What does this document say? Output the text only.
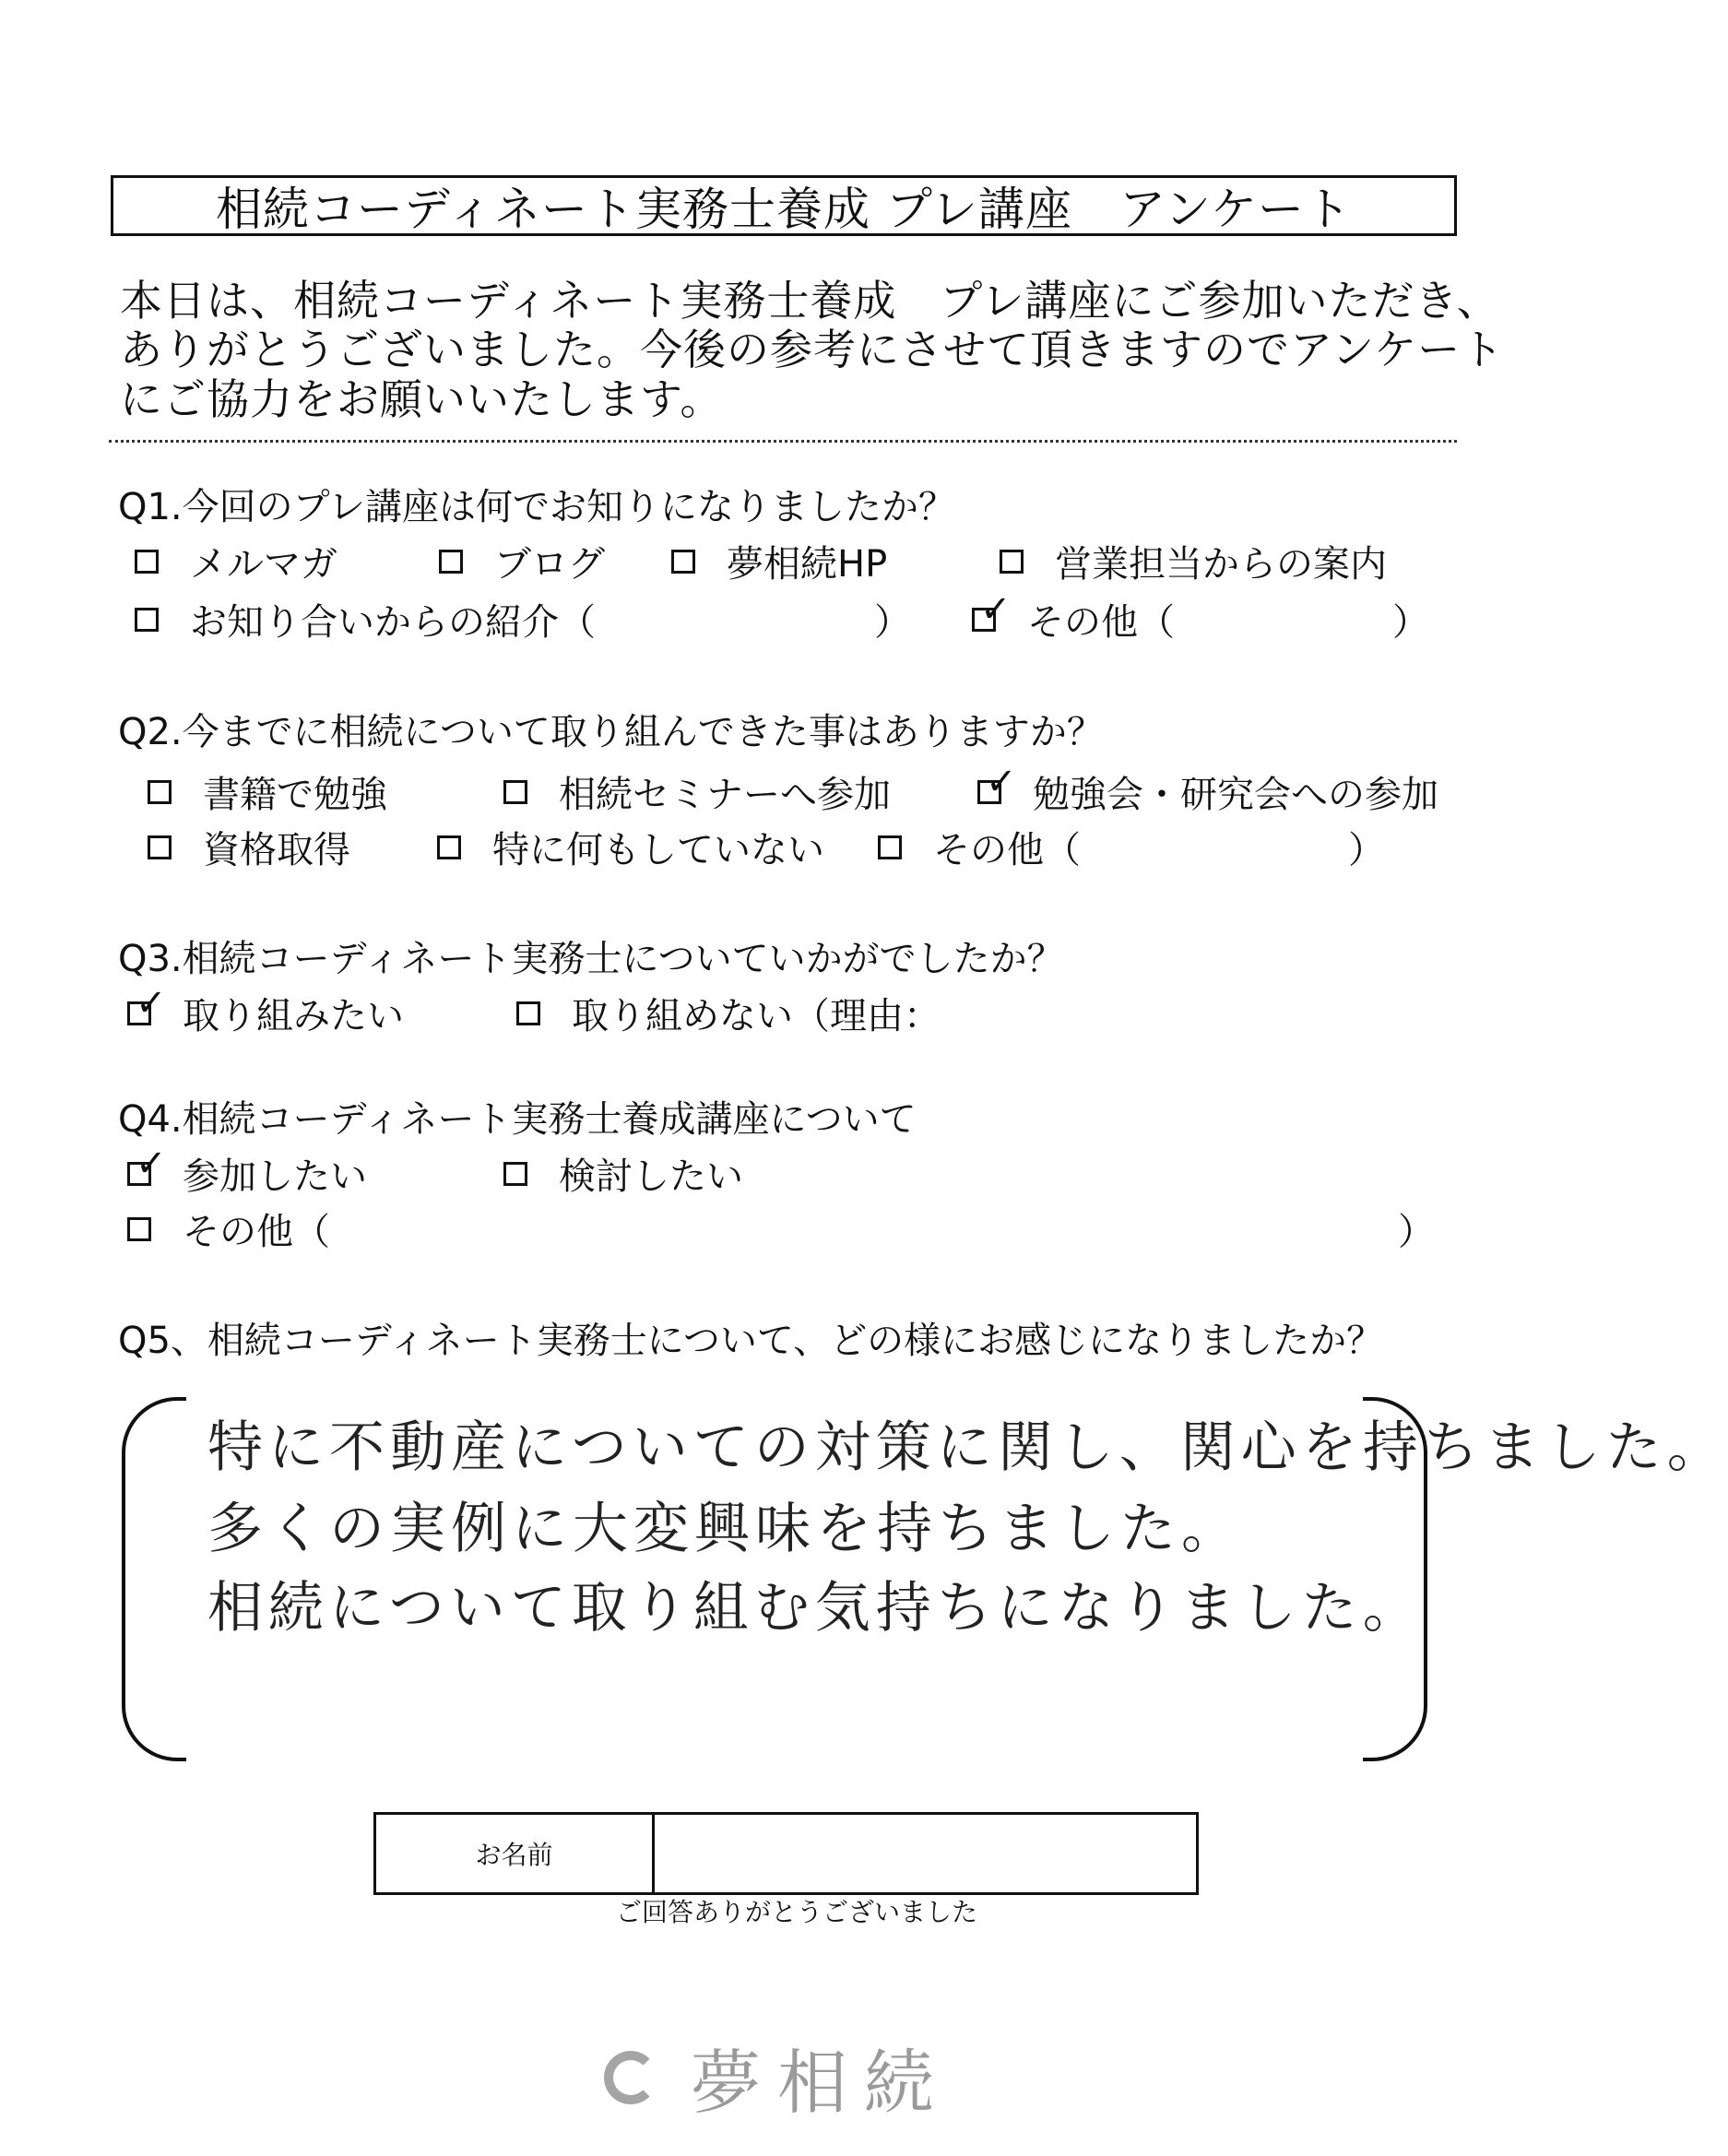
相続コーディネート実務士養成 プレ講座　アンケート
本日は、相続コーディネート実務士養成　プレ講座にご参加いただき、
ありがとうございました。今後の参考にさせて頂きますのでアンケート
にご協力をお願いいたします。
Q1.今回のプレ講座は何でお知りになりましたか？
メルマガ	ブログ	夢相続HP	営業担当からの案内
お知り合いからの紹介（	） ✓ その他（	）
Q2.今までに相続について取り組んできた事はありますか？
書籍で勉強	相続セミナーへ参加	✓ 勉強会・研究会への参加
資格取得	特に何もしていない	その他（	）
Q3.相続コーディネート実務士についていかがでしたか？
✓ 取り組みたい	取り組めない（理由：
Q4.相続コーディネート実務士養成講座について
✓ 参加したい	検討したい
その他（	）
Q5、相続コーディネート実務士について、どの様にお感じになりましたか？
特に不動産についての対策に関し、関心を持ちました。
多くの実例に大変興味を持ちました。
相続について取り組む気持ちになりました。
お名前
ご回答ありがとうございました
夢相続
